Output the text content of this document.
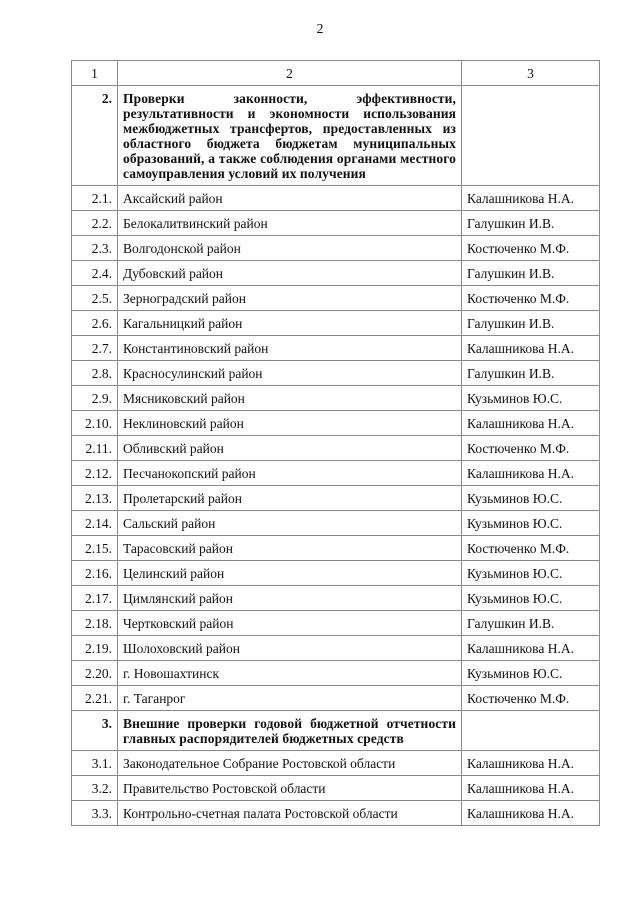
2
1	2	3
2.	Проверки законности, эффективности, результативности и экономности использования межбюджетных трансфертов, предоставленных из областного бюджета бюджетам муниципальных образований, а также соблюдения органами местного самоуправления условий их получения	
2.1.	Аксайский район	Калашникова Н.А.
2.2.	Белокалитвинский район	Галушкин И.В.
2.3.	Волгодонской район	Костюченко М.Ф.
2.4.	Дубовский район	Галушкин И.В.
2.5.	Зерноградский район	Костюченко М.Ф.
2.6.	Кагальницкий район	Галушкин И.В.
2.7.	Константиновский район	Калашникова Н.А.
2.8.	Красносулинский район	Галушкин И.В.
2.9.	Мясниковский район	Кузьминов Ю.С.
2.10.	Неклиновский район	Калашникова Н.А.
2.11.	Обливский район	Костюченко М.Ф.
2.12.	Песчанокопский район	Калашникова Н.А.
2.13.	Пролетарский район	Кузьминов Ю.С.
2.14.	Сальский район	Кузьминов Ю.С.
2.15.	Тарасовский район	Костюченко М.Ф.
2.16.	Целинский район	Кузьминов Ю.С.
2.17.	Цимлянский район	Кузьминов Ю.С.
2.18.	Чертковский район	Галушкин И.В.
2.19.	Шолоховский район	Калашникова Н.А.
2.20.	г. Новошахтинск	Кузьминов Ю.С.
2.21.	г. Таганрог	Костюченко М.Ф.
3.	Внешние проверки годовой бюджетной отчетности главных распорядителей бюджетных средств	
3.1.	Законодательное Собрание Ростовской области	Калашникова Н.А.
3.2.	Правительство Ростовской области	Калашникова Н.А.
3.3.	Контрольно-счетная палата Ростовской области	Калашникова Н.А.
